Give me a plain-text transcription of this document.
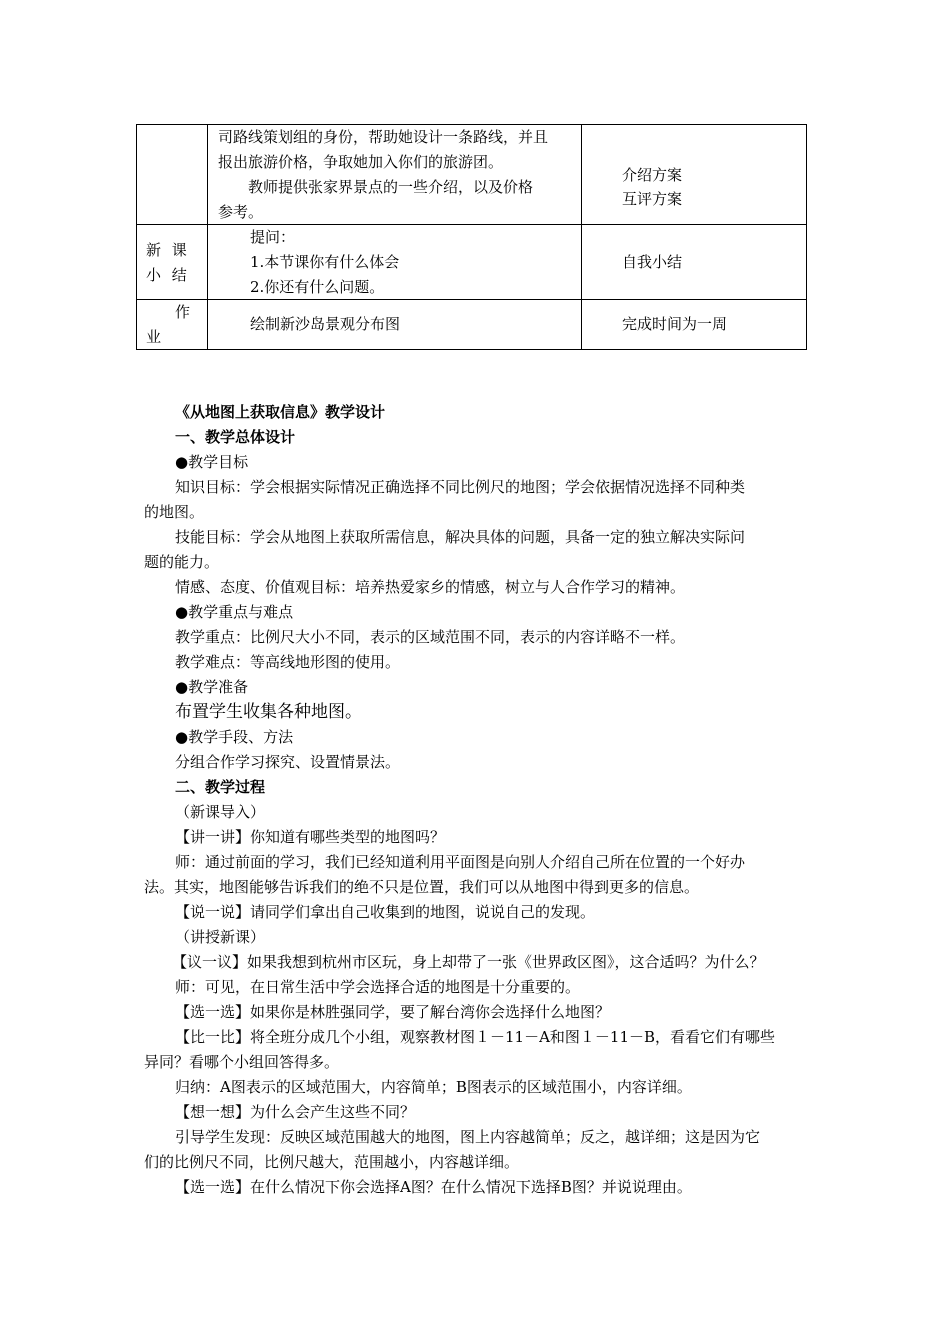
	司路线策划组的身份，帮助她设计一条路线，并且
报出旅游价格，争取她加入你们的旅游团。
教师提供张家界景点的一些介绍，以及价格
参考。	介绍方案
互评方案

新 课
小 结	提问：
1.本节课你有什么体会
2.你还有什么问题。	自我小结

作
业	绘制新沙岛景观分布图	完成时间为一周
《从地图上获取信息》教学设计
一、教学总体设计
●教学目标
知识目标：学会根据实际情况正确选择不同比例尺的地图；学会依据情况选择不同种类
的地图。
技能目标：学会从地图上获取所需信息，解决具体的问题，具备一定的独立解决实际问
题的能力。
情感、态度、价值观目标：培养热爱家乡的情感，树立与人合作学习的精神。
●教学重点与难点
教学重点：比例尺大小不同，表示的区域范围不同，表示的内容详略不一样。
教学难点：等高线地形图的使用。
●教学准备
布置学生收集各种地图。
●教学手段、方法
分组合作学习探究、设置情景法。
二、教学过程
（新课导入）
【讲一讲】你知道有哪些类型的地图吗？
师：通过前面的学习，我们已经知道利用平面图是向别人介绍自己所在位置的一个好办
法。其实，地图能够告诉我们的绝不只是位置，我们可以从地图中得到更多的信息。
【说一说】请同学们拿出自己收集到的地图，说说自己的发现。
（讲授新课）
【议一议】如果我想到杭州市区玩，身上却带了一张《世界政区图》，这合适吗？为什么？
师：可见，在日常生活中学会选择合适的地图是十分重要的。
【选一选】如果你是林胜强同学，要了解台湾你会选择什么地图？
【比一比】将全班分成几个小组，观察教材图１－11－A和图１－11－B，看看它们有哪些
异同？看哪个小组回答得多。
归纳：A图表示的区域范围大，内容简单；B图表示的区域范围小，内容详细。
【想一想】为什么会产生这些不同？
引导学生发现：反映区域范围越大的地图，图上内容越简单；反之，越详细；这是因为它
们的比例尺不同，比例尺越大，范围越小，内容越详细。
【选一选】在什么情况下你会选择A图？在什么情况下选择B图？并说说理由。
